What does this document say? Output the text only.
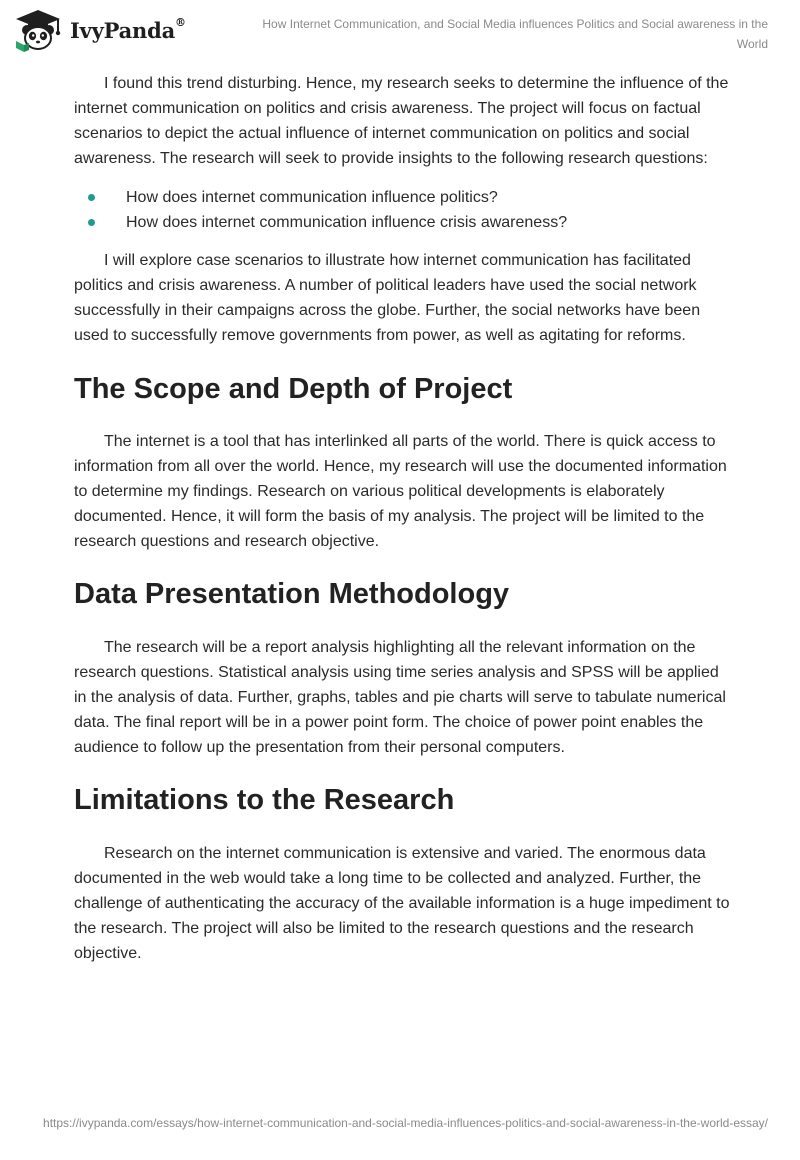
IvyPanda®	How Internet Communication, and Social Media influences Politics and Social awareness in the World

I found this trend disturbing. Hence, my research seeks to determine the influence of the internet communication on politics and crisis awareness. The project will focus on factual scenarios to depict the actual influence of internet communication on politics and social awareness. The research will seek to provide insights to the following research questions:

How does internet communication influence politics?
How does internet communication influence crisis awareness?

I will explore case scenarios to illustrate how internet communication has facilitated politics and crisis awareness. A number of political leaders have used the social network successfully in their campaigns across the globe. Further, the social networks have been used to successfully remove governments from power, as well as agitating for reforms.

The Scope and Depth of Project

The internet is a tool that has interlinked all parts of the world. There is quick access to information from all over the world. Hence, my research will use the documented information to determine my findings. Research on various political developments is elaborately documented. Hence, it will form the basis of my analysis. The project will be limited to the research questions and research objective.

Data Presentation Methodology

The research will be a report analysis highlighting all the relevant information on the research questions. Statistical analysis using time series analysis and SPSS will be applied in the analysis of data. Further, graphs, tables and pie charts will serve to tabulate numerical data. The final report will be in a power point form. The choice of power point enables the audience to follow up the presentation from their personal computers.

Limitations to the Research

Research on the internet communication is extensive and varied. The enormous data documented in the web would take a long time to be collected and analyzed. Further, the challenge of authenticating the accuracy of the available information is a huge impediment to the research. The project will also be limited to the research questions and the research objective.

https://ivypanda.com/essays/how-internet-communication-and-social-media-influences-politics-and-social-awareness-in-the-world-essay/
